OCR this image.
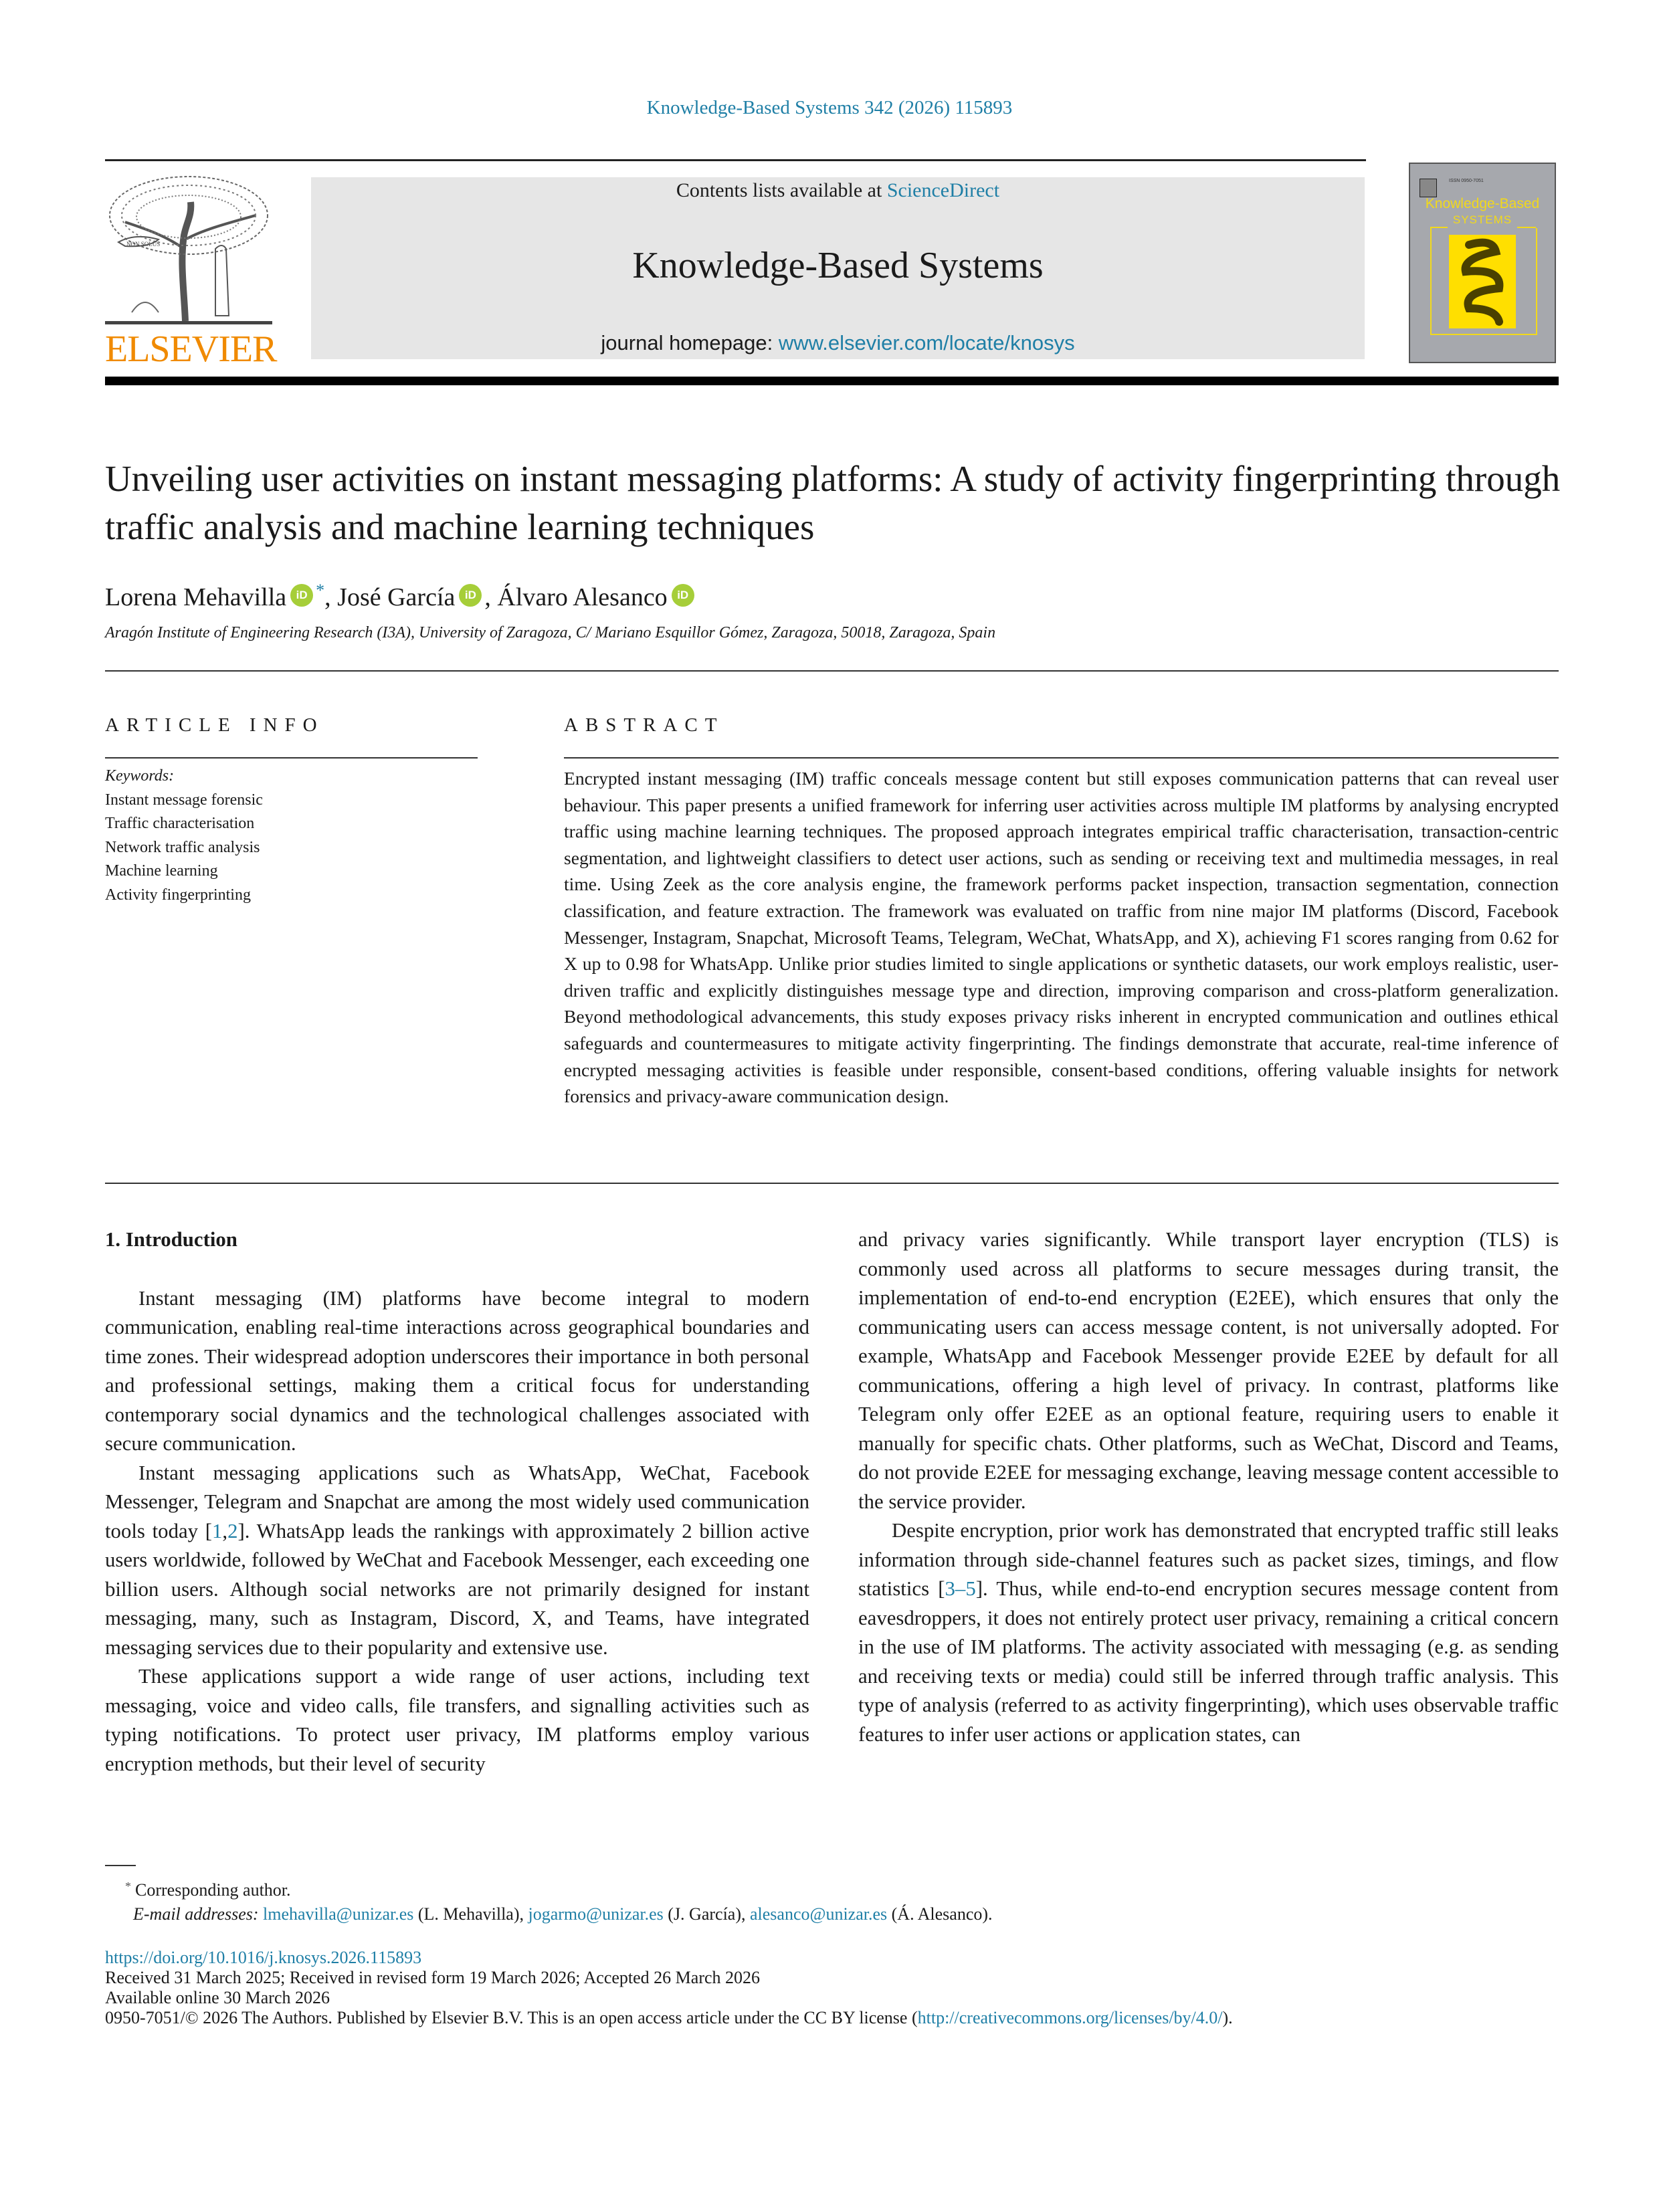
Knowledge-Based Systems 342 (2026) 115893
NON SOLUS
ELSEVIER
Contents lists available at ScienceDirect
Knowledge-Based Systems
journal homepage: www.elsevier.com/locate/knosys
ISSN 0950-7051
Knowledge-Based
SYSTEMS
Unveiling user activities on instant messaging platforms: A study of activity fingerprinting through traffic analysis and machine learning techniques
Lorena Mehavilla iD *, José García iD , Álvaro Alesanco iD
Aragón Institute of Engineering Research (I3A), University of Zaragoza, C/ Mariano Esquillor Gómez, Zaragoza, 50018, Zaragoza, Spain
ARTICLE INFO	ABSTRACT
Keywords:
Instant message forensic
Traffic characterisation
Network traffic analysis
Machine learning
Activity fingerprinting
Encrypted instant messaging (IM) traffic conceals message content but still exposes communication patterns that can reveal user behaviour. This paper presents a unified framework for inferring user activities across multiple IM platforms by analysing encrypted traffic using machine learning techniques. The proposed approach integrates empirical traffic characterisation, transaction-centric segmentation, and lightweight classifiers to detect user actions, such as sending or receiving text and multimedia messages, in real time. Using Zeek as the core analysis engine, the framework performs packet inspection, transaction segmentation, connection classification, and feature extraction. The framework was evaluated on traffic from nine major IM platforms (Discord, Facebook Messenger, Instagram, Snapchat, Microsoft Teams, Telegram, WeChat, WhatsApp, and X), achieving F1 scores ranging from 0.62 for X up to 0.98 for WhatsApp. Unlike prior studies limited to single applications or synthetic datasets, our work employs realistic, user-driven traffic and explicitly distinguishes message type and direction, improving comparison and cross-platform generalization. Beyond methodological advancements, this study exposes privacy risks inherent in encrypted communication and outlines ethical safeguards and countermeasures to mitigate activity fingerprinting. The findings demonstrate that accurate, real-time inference of encrypted messaging activities is feasible under responsible, consent-based conditions, offering valuable insights for network forensics and privacy-aware communication design.
1. Introduction

Instant messaging (IM) platforms have become integral to modern communication, enabling real-time interactions across geographical boundaries and time zones. Their widespread adoption underscores their importance in both personal and professional settings, making them a critical focus for understanding contemporary social dynamics and the technological challenges associated with secure communication.

Instant messaging applications such as WhatsApp, WeChat, Facebook Messenger, Telegram and Snapchat are among the most widely used communication tools today [1,2]. WhatsApp leads the rankings with approximately 2 billion active users worldwide, followed by WeChat and Facebook Messenger, each exceeding one billion users. Although social networks are not primarily designed for instant messaging, many, such as Instagram, Discord, X, and Teams, have integrated messaging services due to their popularity and extensive use.

These applications support a wide range of user actions, including text messaging, voice and video calls, file transfers, and signalling activities such as typing notifications. To protect user privacy, IM platforms employ various encryption methods, but their level of security

and privacy varies significantly. While transport layer encryption (TLS) is commonly used across all platforms to secure messages during transit, the implementation of end-to-end encryption (E2EE), which ensures that only the communicating users can access message content, is not universally adopted. For example, WhatsApp and Facebook Messenger provide E2EE by default for all communications, offering a high level of privacy. In contrast, platforms like Telegram only offer E2EE as an optional feature, requiring users to enable it manually for specific chats. Other platforms, such as WeChat, Discord and Teams, do not provide E2EE for messaging exchange, leaving message content accessible to the service provider.

Despite encryption, prior work has demonstrated that encrypted traffic still leaks information through side-channel features such as packet sizes, timings, and flow statistics [3–5]. Thus, while end-to-end encryption secures message content from eavesdroppers, it does not entirely protect user privacy, remaining a critical concern in the use of IM platforms. The activity associated with messaging (e.g. as sending and receiving texts or media) could still be inferred through traffic analysis. This type of analysis (referred to as activity fingerprinting), which uses observable traffic features to infer user actions or application states, can

* Corresponding author.
E-mail addresses: lmehavilla@unizar.es (L. Mehavilla), jogarmo@unizar.es (J. García), alesanco@unizar.es (Á. Alesanco).
https://doi.org/10.1016/j.knosys.2026.115893
Received 31 March 2025; Received in revised form 19 March 2026; Accepted 26 March 2026
Available online 30 March 2026
0950-7051/© 2026 The Authors. Published by Elsevier B.V. This is an open access article under the CC BY license (http://creativecommons.org/licenses/by/4.0/).
